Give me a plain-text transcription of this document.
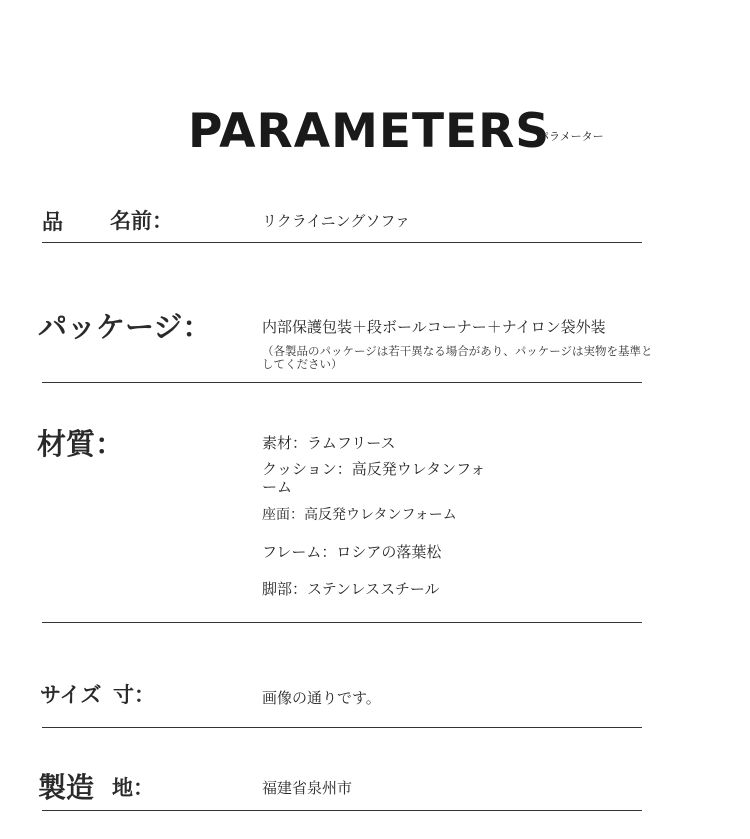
PARAMETERS
パラメーター
品 名前：	リクライニングソファ
パッケージ：	内部保護包装＋段ボールコーナー＋ナイロン袋外装
（各製品のパッケージは若干異なる場合があり、パッケージは実物を基準としてください）
材質：	素材：ラムフリース
クッション：高反発ウレタンフォーム
座面：高反発ウレタンフォーム
フレーム：ロシアの落葉松
脚部：ステンレススチール
サイズ 寸：	画像の通りです。
製造 地：	福建省泉州市
